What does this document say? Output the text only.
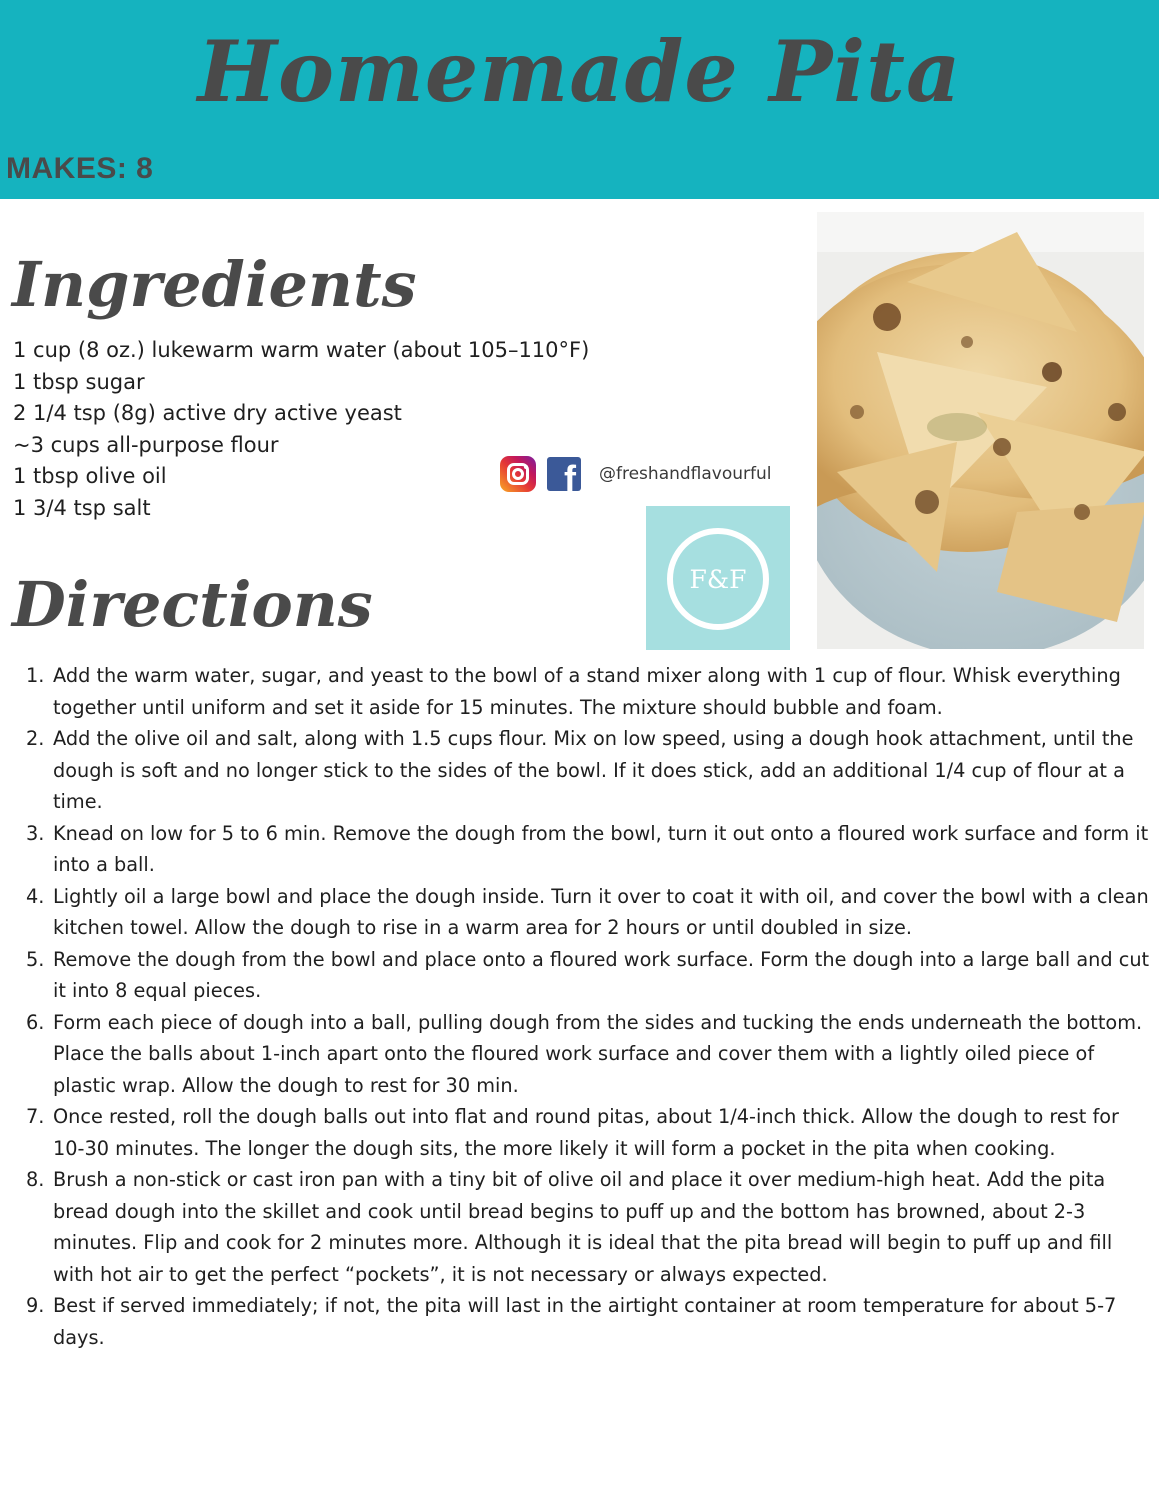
Homemade Pita
MAKES: 8
Ingredients
1 cup (8 oz.) lukewarm warm water (about 105–110°F)
1 tbsp sugar
2 1/4 tsp (8g) active dry active yeast
~3 cups all-purpose flour
1 tbsp olive oil
1 3/4 tsp salt
f @freshandflavourful
F&F
Directions
1. Add the warm water, sugar, and yeast to the bowl of a stand mixer along with 1 cup of flour. Whisk everything together until uniform and set it aside for 15 minutes. The mixture should bubble and foam.
2. Add the olive oil and salt, along with 1.5 cups flour. Mix on low speed, using a dough hook attachment, until the dough is soft and no longer stick to the sides of the bowl. If it does stick, add an additional 1/4 cup of flour at a time.
3. Knead on low for 5 to 6 min. Remove the dough from the bowl, turn it out onto a floured work surface and form it into a ball.
4. Lightly oil a large bowl and place the dough inside. Turn it over to coat it with oil, and cover the bowl with a clean kitchen towel. Allow the dough to rise in a warm area for 2 hours or until doubled in size.
5. Remove the dough from the bowl and place onto a floured work surface. Form the dough into a large ball and cut it into 8 equal pieces.
6. Form each piece of dough into a ball, pulling dough from the sides and tucking the ends underneath the bottom. Place the balls about 1-inch apart onto the floured work surface and cover them with a lightly oiled piece of plastic wrap. Allow the dough to rest for 30 min.
7. Once rested, roll the dough balls out into flat and round pitas, about 1/4-inch thick. Allow the dough to rest for 10-30 minutes. The longer the dough sits, the more likely it will form a pocket in the pita when cooking.
8. Brush a non-stick or cast iron pan with a tiny bit of olive oil and place it over medium-high heat. Add the pita bread dough into the skillet and cook until bread begins to puff up and the bottom has browned, about 2-3 minutes. Flip and cook for 2 minutes more. Although it is ideal that the pita bread will begin to puff up and fill with hot air to get the perfect “pockets”, it is not necessary or always expected.
9. Best if served immediately; if not, the pita will last in the airtight container at room temperature for about 5-7 days.
